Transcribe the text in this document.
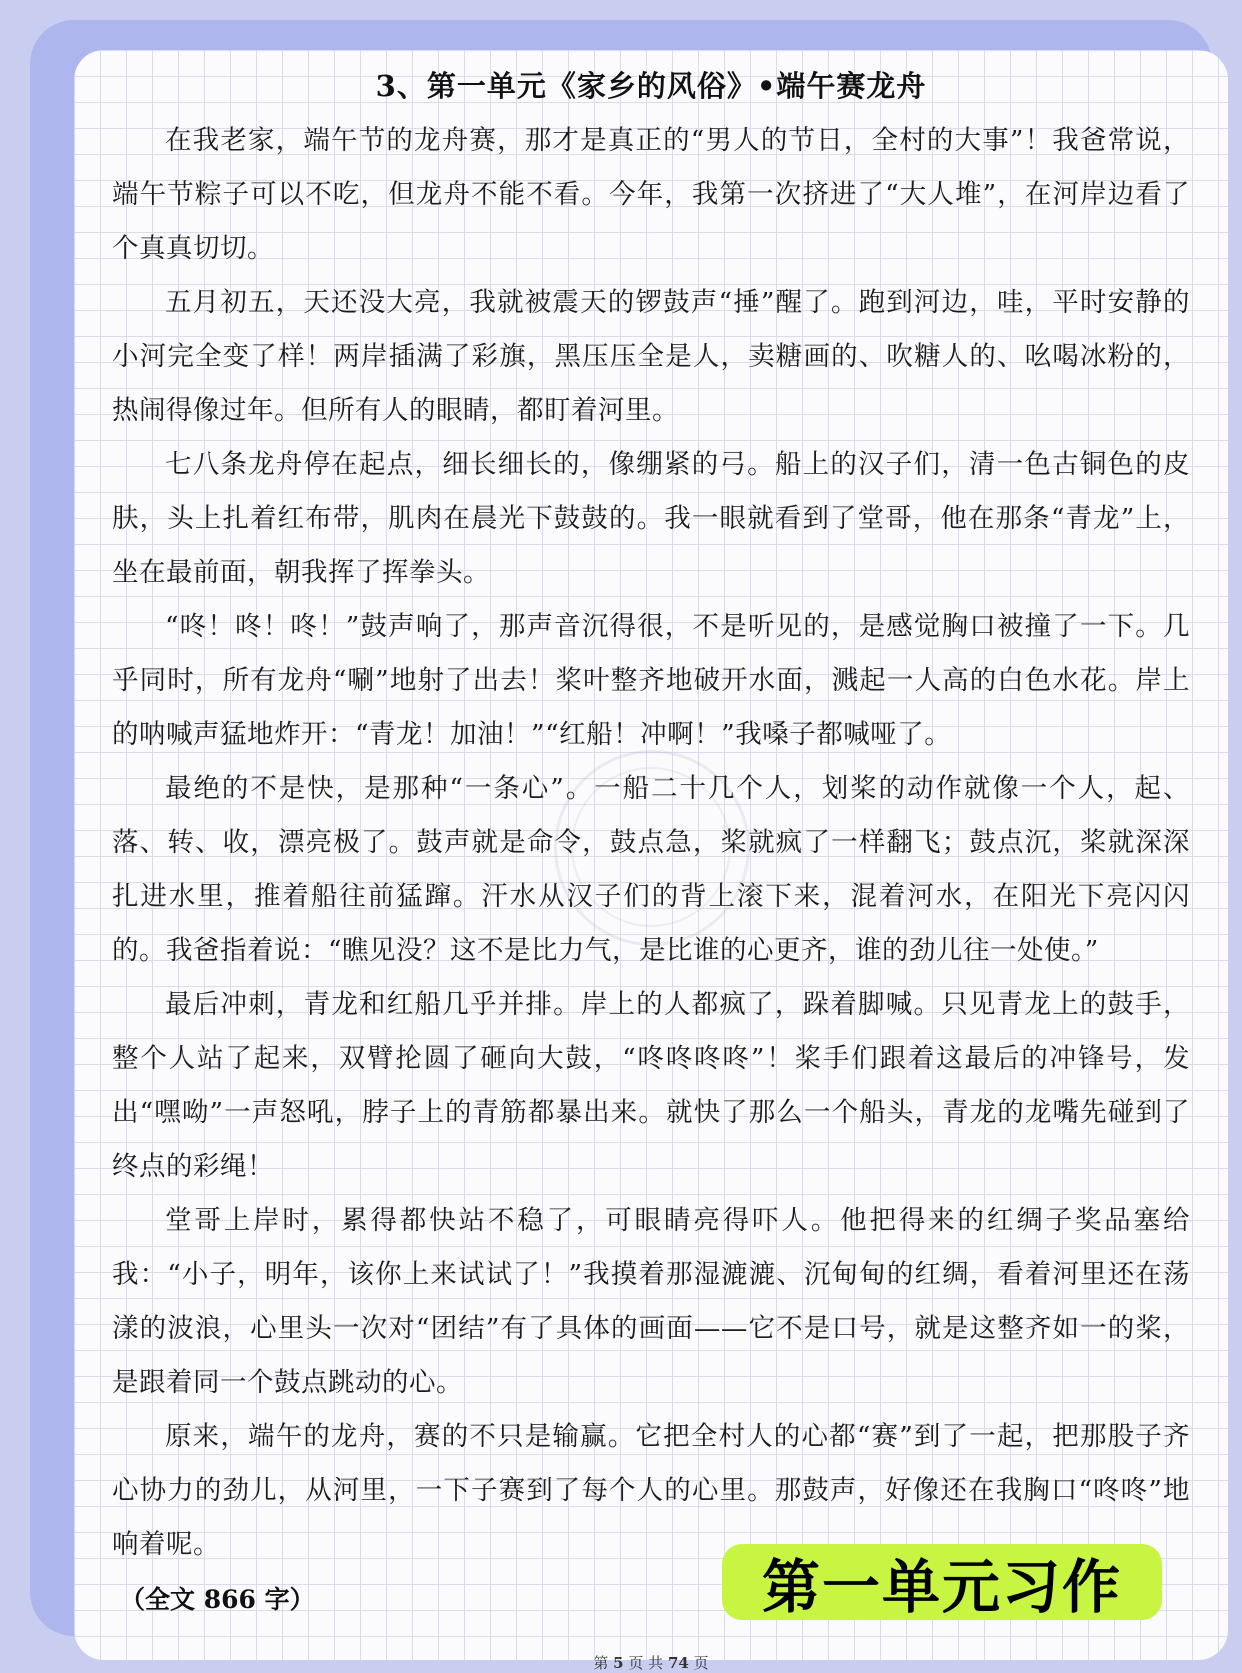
3、第一单元《家乡的风俗》•端午赛龙舟

在我老家，端午节的龙舟赛，那才是真正的“男人的节日，全村的大事”！我爸常说，端午节粽子可以不吃，但龙舟不能不看。今年，我第一次挤进了“大人堆”，在河岸边看了个真真切切。

五月初五，天还没大亮，我就被震天的锣鼓声“捶”醒了。跑到河边，哇，平时安静的小河完全变了样！两岸插满了彩旗，黑压压全是人，卖糖画的、吹糖人的、吆喝冰粉的，热闹得像过年。但所有人的眼睛，都盯着河里。

七八条龙舟停在起点，细长细长的，像绷紧的弓。船上的汉子们，清一色古铜色的皮肤，头上扎着红布带，肌肉在晨光下鼓鼓的。我一眼就看到了堂哥，他在那条“青龙”上，坐在最前面，朝我挥了挥拳头。

“咚！咚！咚！”鼓声响了，那声音沉得很，不是听见的，是感觉胸口被撞了一下。几乎同时，所有龙舟“唰”地射了出去！桨叶整齐地破开水面，溅起一人高的白色水花。岸上的呐喊声猛地炸开：“青龙！加油！”“红船！冲啊！”我嗓子都喊哑了。

最绝的不是快，是那种“一条心”。一船二十几个人，划桨的动作就像一个人，起、落、转、收，漂亮极了。鼓声就是命令，鼓点急，桨就疯了一样翻飞；鼓点沉，桨就深深扎进水里，推着船往前猛蹿。汗水从汉子们的背上滚下来，混着河水，在阳光下亮闪闪的。我爸指着说：“瞧见没？这不是比力气，是比谁的心更齐，谁的劲儿往一处使。”

最后冲刺，青龙和红船几乎并排。岸上的人都疯了，跺着脚喊。只见青龙上的鼓手，整个人站了起来，双臂抡圆了砸向大鼓，“咚咚咚咚”！桨手们跟着这最后的冲锋号，发出“嘿呦”一声怒吼，脖子上的青筋都暴出来。就快了那么一个船头，青龙的龙嘴先碰到了终点的彩绳！

堂哥上岸时，累得都快站不稳了，可眼睛亮得吓人。他把得来的红绸子奖品塞给我：“小子，明年，该你上来试试了！”我摸着那湿漉漉、沉甸甸的红绸，看着河里还在荡漾的波浪，心里头一次对“团结”有了具体的画面——它不是口号，就是这整齐如一的桨，是跟着同一个鼓点跳动的心。

原来，端午的龙舟，赛的不只是输赢。它把全村人的心都“赛”到了一起，把那股子齐心协力的劲儿，从河里，一下子赛到了每个人的心里。那鼓声，好像还在我胸口“咚咚”地响着呢。

（全文 866 字）	第一单元习作
第 5 页 共 74 页
